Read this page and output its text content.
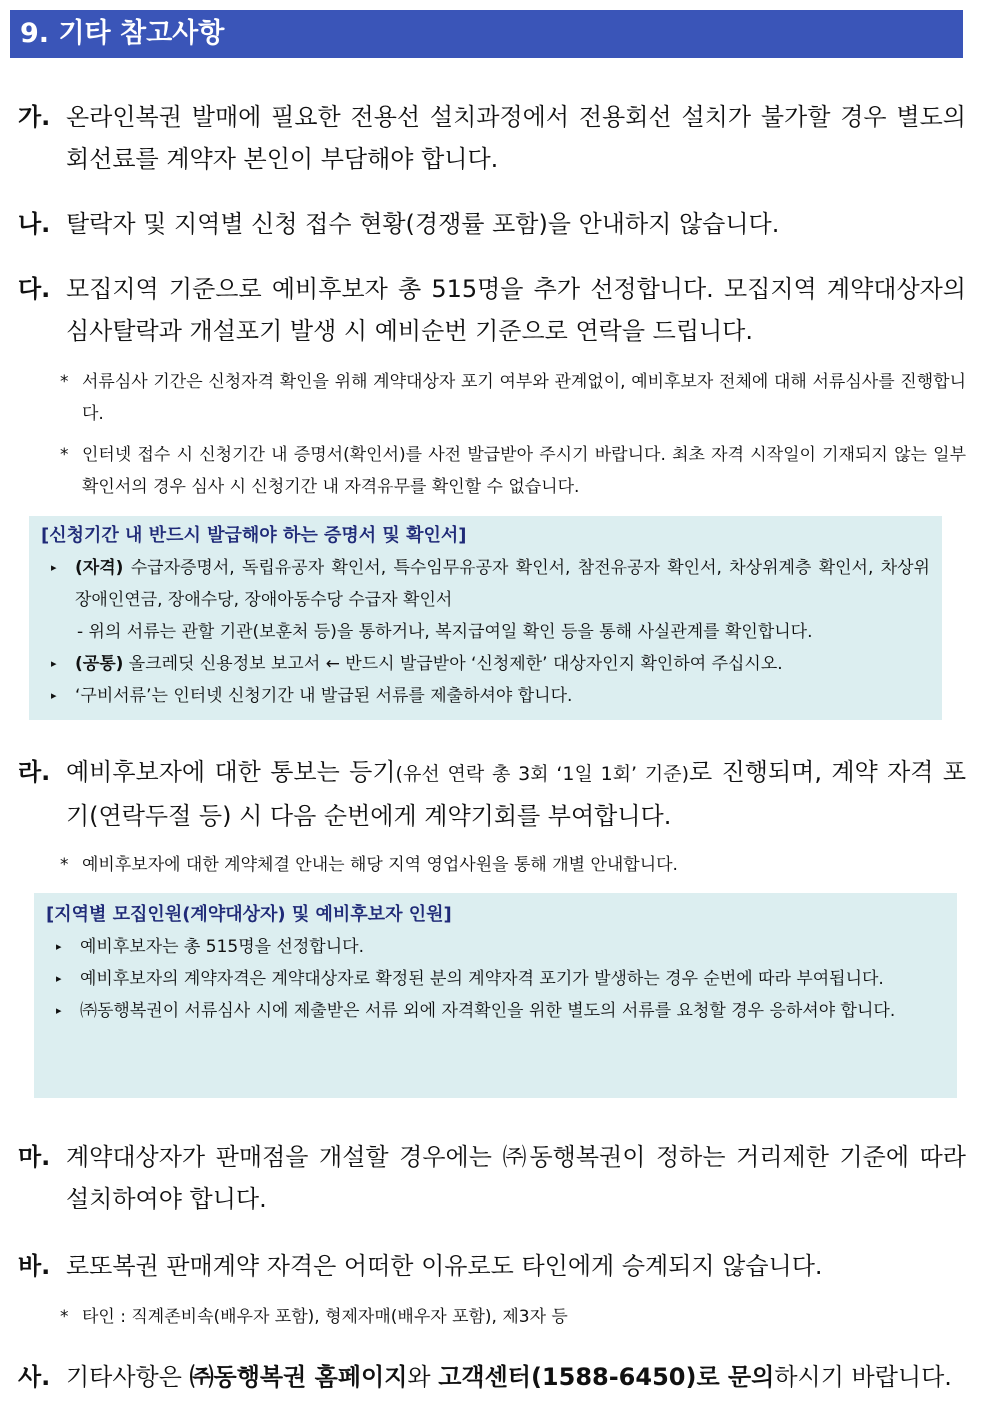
9. 기타 참고사항
가. 온라인복권 발매에 필요한 전용선 설치과정에서 전용회선 설치가 불가할 경우 별도의 회선료를 계약자 본인이 부담해야 합니다.
나. 탈락자 및 지역별 신청 접수 현황(경쟁률 포함)을 안내하지 않습니다.
다. 모집지역 기준으로 예비후보자 총 515명을 추가 선정합니다. 모집지역 계약대상자의 심사탈락과 개설포기 발생 시 예비순번 기준으로 연락을 드립니다.
* 서류심사 기간은 신청자격 확인을 위해 계약대상자 포기 여부와 관계없이, 예비후보자 전체에 대해 서류심사를 진행합니다.
* 인터넷 접수 시 신청기간 내 증명서(확인서)를 사전 발급받아 주시기 바랍니다. 최초 자격 시작일이 기재되지 않는 일부 확인서의 경우 심사 시 신청기간 내 자격유무를 확인할 수 없습니다.
[신청기간 내 반드시 발급해야 하는 증명서 및 확인서]
▸ (자격) 수급자증명서, 독립유공자 확인서, 특수임무유공자 확인서, 참전유공자 확인서, 차상위계층 확인서, 차상위 장애인연금, 장애수당, 장애아동수당 수급자 확인서
- 위의 서류는 관할 기관(보훈처 등)을 통하거나, 복지급여일 확인 등을 통해 사실관계를 확인합니다.
▸ (공통) 올크레딧 신용정보 보고서 ← 반드시 발급받아 ‘신청제한’ 대상자인지 확인하여 주십시오.
▸ ‘구비서류’는 인터넷 신청기간 내 발급된 서류를 제출하셔야 합니다.
라. 예비후보자에 대한 통보는 등기(유선 연락 총 3회 ‘1일 1회’ 기준)로 진행되며, 계약 자격 포기(연락두절 등) 시 다음 순번에게 계약기회를 부여합니다.
* 예비후보자에 대한 계약체결 안내는 해당 지역 영업사원을 통해 개별 안내합니다.
[지역별 모집인원(계약대상자) 및 예비후보자 인원]
▸ 예비후보자는 총 515명을 선정합니다.
▸ 예비후보자의 계약자격은 계약대상자로 확정된 분의 계약자격 포기가 발생하는 경우 순번에 따라 부여됩니다.
▸ ㈜동행복권이 서류심사 시에 제출받은 서류 외에 자격확인을 위한 별도의 서류를 요청할 경우 응하셔야 합니다.
마. 계약대상자가 판매점을 개설할 경우에는 ㈜동행복권이 정하는 거리제한 기준에 따라 설치하여야 합니다.
바. 로또복권 판매계약 자격은 어떠한 이유로도 타인에게 승계되지 않습니다.
* 타인 : 직계존비속(배우자 포함), 형제자매(배우자 포함), 제3자 등
사. 기타사항은 ㈜동행복권 홈페이지와 고객센터(1588-6450)로 문의하시기 바랍니다.
